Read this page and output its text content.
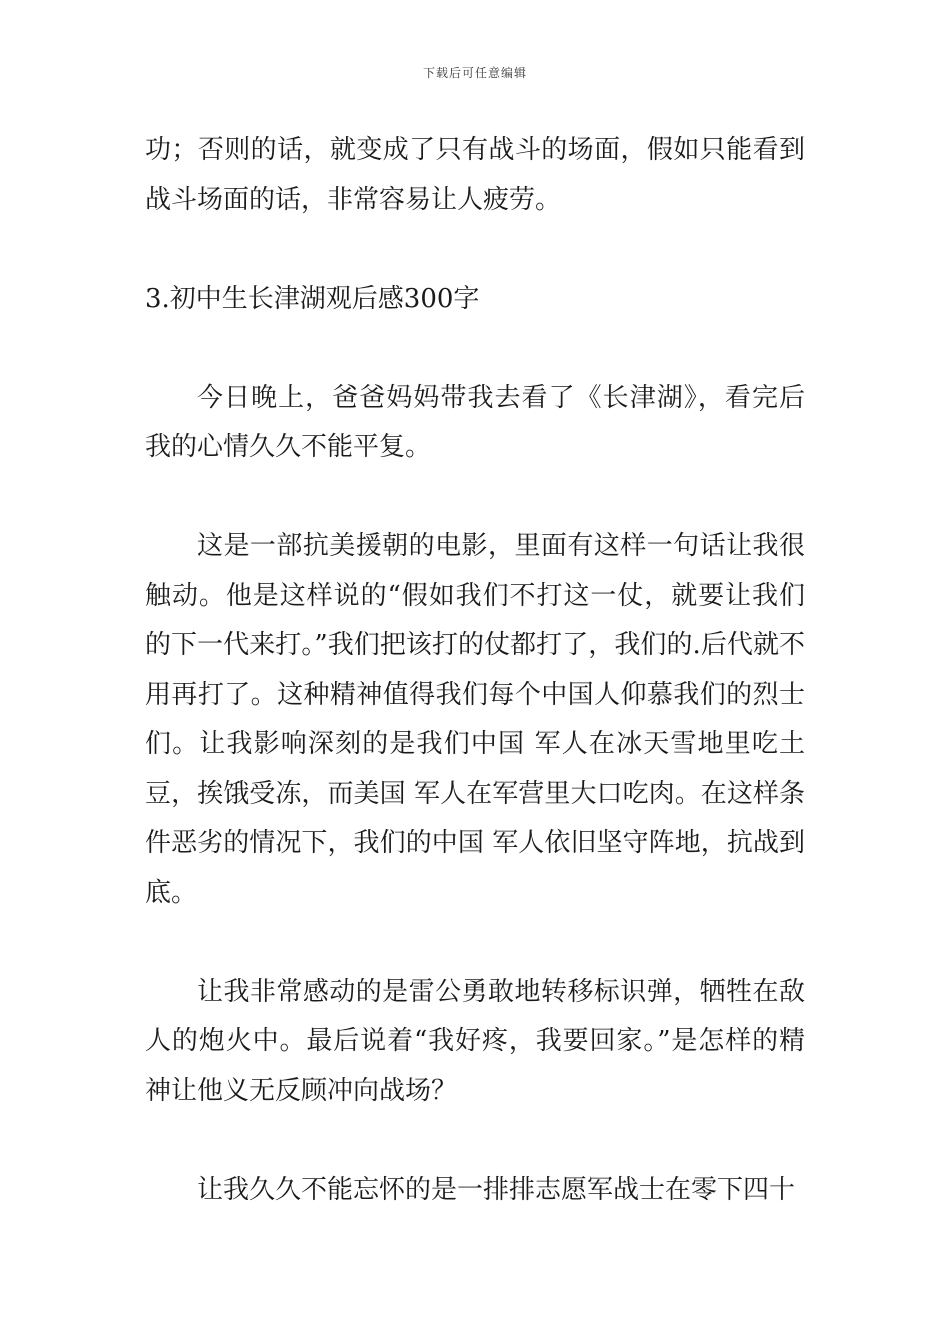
下载后可任意编辑

功；否则的话，就变成了只有战斗的场面，假如只能看到战斗场面的话，非常容易让人疲劳。

3.初中生长津湖观后感300字

今日晚上，爸爸妈妈带我去看了《长津湖》，看完后我的心情久久不能平复。

这是一部抗美援朝的电影，里面有这样一句话让我很触动。他是这样说的“假如我们不打这一仗，就要让我们的下一代来打。”我们把该打的仗都打了，我们的.后代就不用再打了。这种精神值得我们每个中国人仰慕我们的烈士们。让我影响深刻的是我们中国 军人在冰天雪地里吃土豆，挨饿受冻，而美国 军人在军营里大口吃肉。在这样条件恶劣的情况下，我们的中国 军人依旧坚守阵地，抗战到底。

让我非常感动的是雷公勇敢地转移标识弹，牺牲在敌人的炮火中。最后说着“我好疼，我要回家。”是怎样的精神让他义无反顾冲向战场？

让我久久不能忘怀的是一排排志愿军战士在零下四十
